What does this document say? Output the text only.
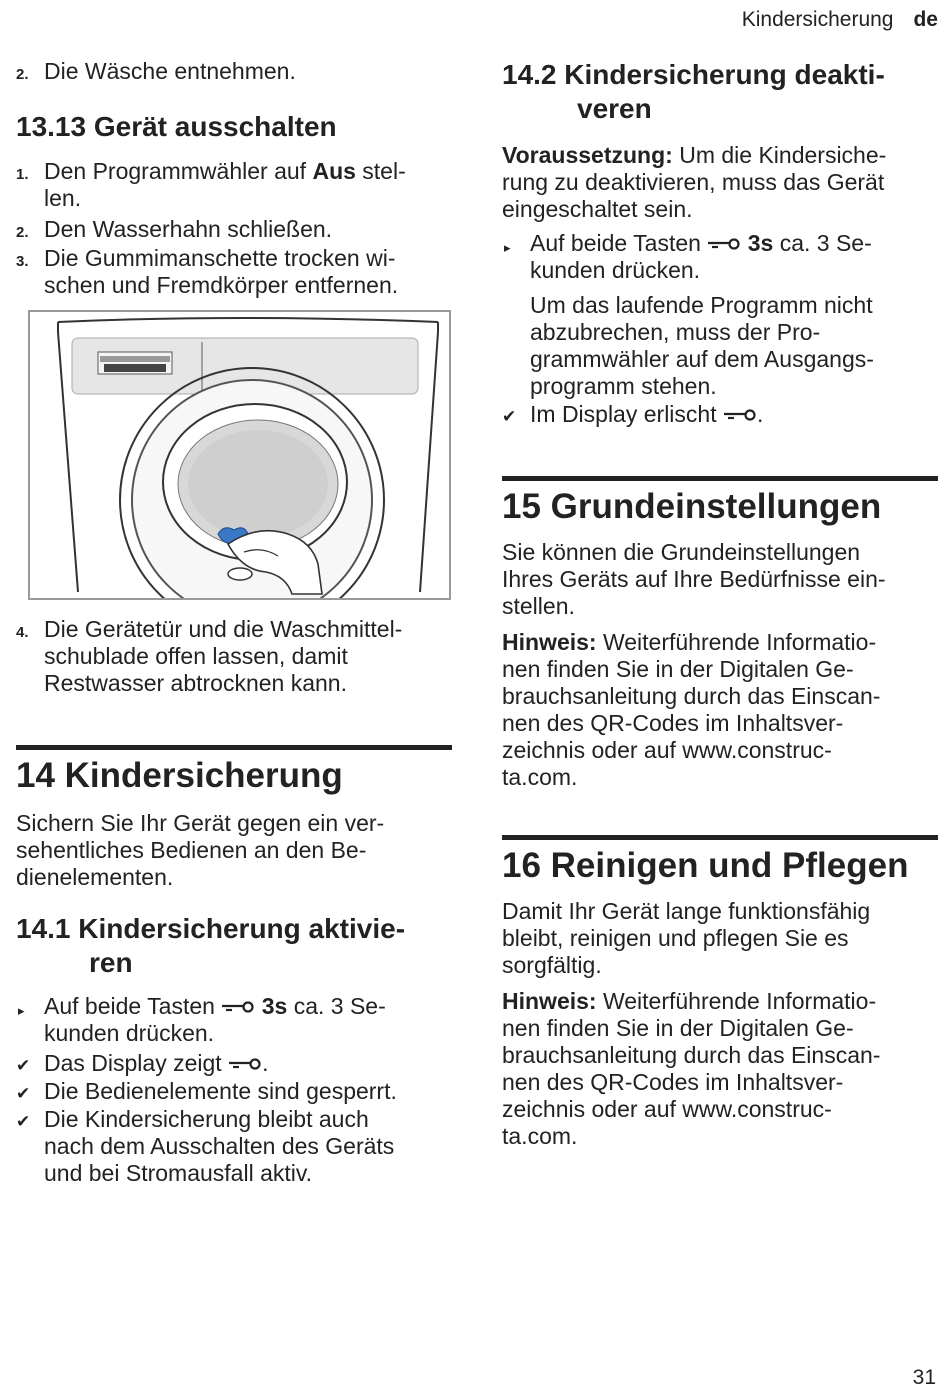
Kindersicherung de
2. Die Wäsche entnehmen.
13.13 Gerät ausschalten
1. Den Programmwähler auf Aus stel-
len.
2. Den Wasserhahn schließen.
3. Die Gummimanschette trocken wi-
schen und Fremdkörper entfernen.
4. Die Gerätetür und die Waschmittel-
schublade offen lassen, damit
Restwasser abtrocknen kann.
14 Kindersicherung
Sichern Sie Ihr Gerät gegen ein ver-
sehentliches Bedienen an den Be-
dienelementen.
14.1 Kindersicherung aktivie-
ren
▸ Auf beide Tasten  3s ca. 3 Se-
kunden drücken.
✔ Das Display zeigt .
✔ Die Bedienelemente sind gesperrt.
✔ Die Kindersicherung bleibt auch
nach dem Ausschalten des Geräts
und bei Stromausfall aktiv.
14.2 Kindersicherung deakti-
veren
Voraussetzung: Um die Kindersiche-
rung zu deaktivieren, muss das Gerät
eingeschaltet sein.
▸ Auf beide Tasten  3s ca. 3 Se-
kunden drücken.
Um das laufende Programm nicht
abzubrechen, muss der Pro-
grammwähler auf dem Ausgangs-
programm stehen.
✔ Im Display erlischt .
15 Grundeinstellungen
Sie können die Grundeinstellungen
Ihres Geräts auf Ihre Bedürfnisse ein-
stellen.
Hinweis: Weiterführende Informatio-
nen finden Sie in der Digitalen Ge-
brauchsanleitung durch das Einscan-
nen des QR-Codes im Inhaltsver-
zeichnis oder auf www.construc-
ta.com.
16 Reinigen und Pflegen
Damit Ihr Gerät lange funktionsfähig
bleibt, reinigen und pflegen Sie es
sorgfältig.
Hinweis: Weiterführende Informatio-
nen finden Sie in der Digitalen Ge-
brauchsanleitung durch das Einscan-
nen des QR-Codes im Inhaltsver-
zeichnis oder auf www.construc-
ta.com.
31
